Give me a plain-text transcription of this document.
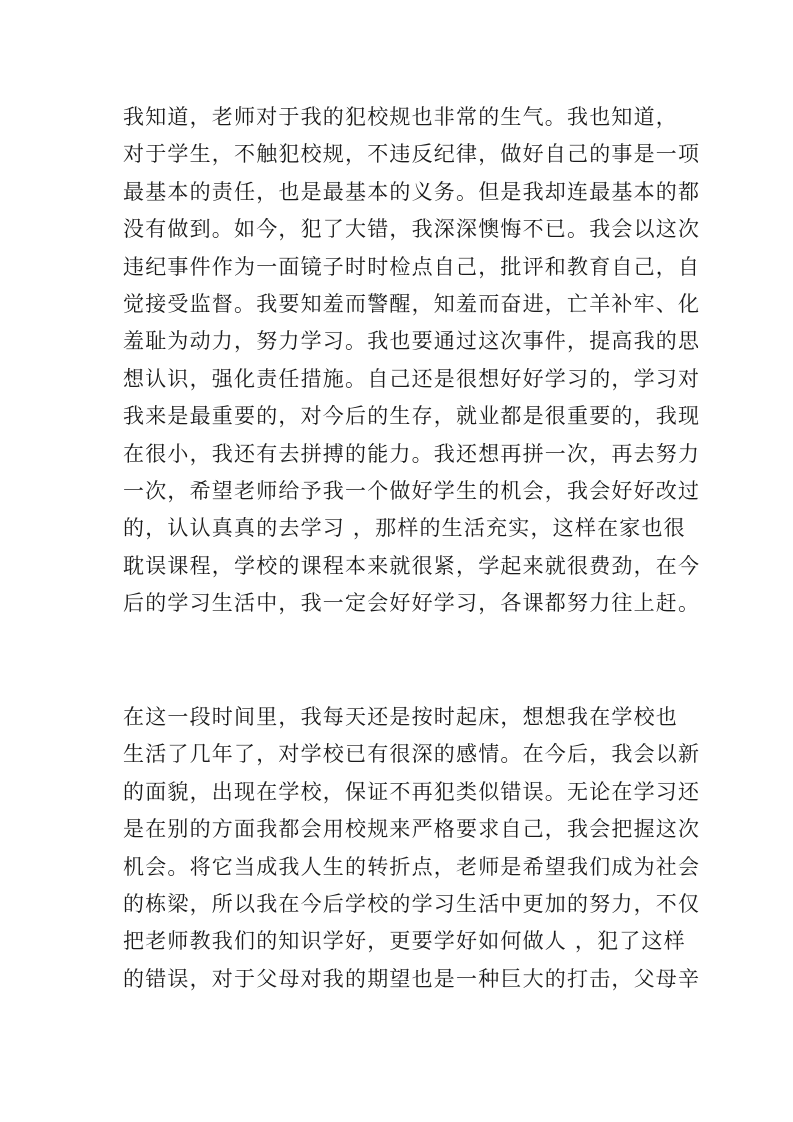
我知道，老师对于我的犯校规也非常的生气。我也知道，
对于学生，不触犯校规，不违反纪律，做好自己的事是一项
最基本的责任，也是最基本的义务。但是我却连最基本的都
没有做到。如今，犯了大错，我深深懊悔不已。我会以这次
违纪事件作为一面镜子时时检点自己，批评和教育自己，自
觉接受监督。我要知羞而警醒，知羞而奋进，亡羊补牢、化
羞耻为动力，努力学习。我也要通过这次事件，提高我的思
想认识，强化责任措施。自己还是很想好好学习的，学习对
我来是最重要的，对今后的生存，就业都是很重要的，我现
在很小，我还有去拼搏的能力。我还想再拼一次，再去努力
一次，希望老师给予我一个做好学生的机会，我会好好改过
的，认认真真的去学习 ，那样的生活充实，这样在家也很
耽误课程，学校的课程本来就很紧，学起来就很费劲，在今
后的学习生活中，我一定会好好学习，各课都努力往上赶。
在这一段时间里，我每天还是按时起床，想想我在学校也
生活了几年了，对学校已有很深的感情。在今后，我会以新
的面貌，出现在学校，保证不再犯类似错误。无论在学习还
是在别的方面我都会用校规来严格要求自己，我会把握这次
机会。将它当成我人生的转折点，老师是希望我们成为社会
的栋梁，所以我在今后学校的学习生活中更加的努力，不仅
把老师教我们的知识学好，更要学好如何做人 ，犯了这样
的错误，对于父母对我的期望也是一种巨大的打击，父母辛
